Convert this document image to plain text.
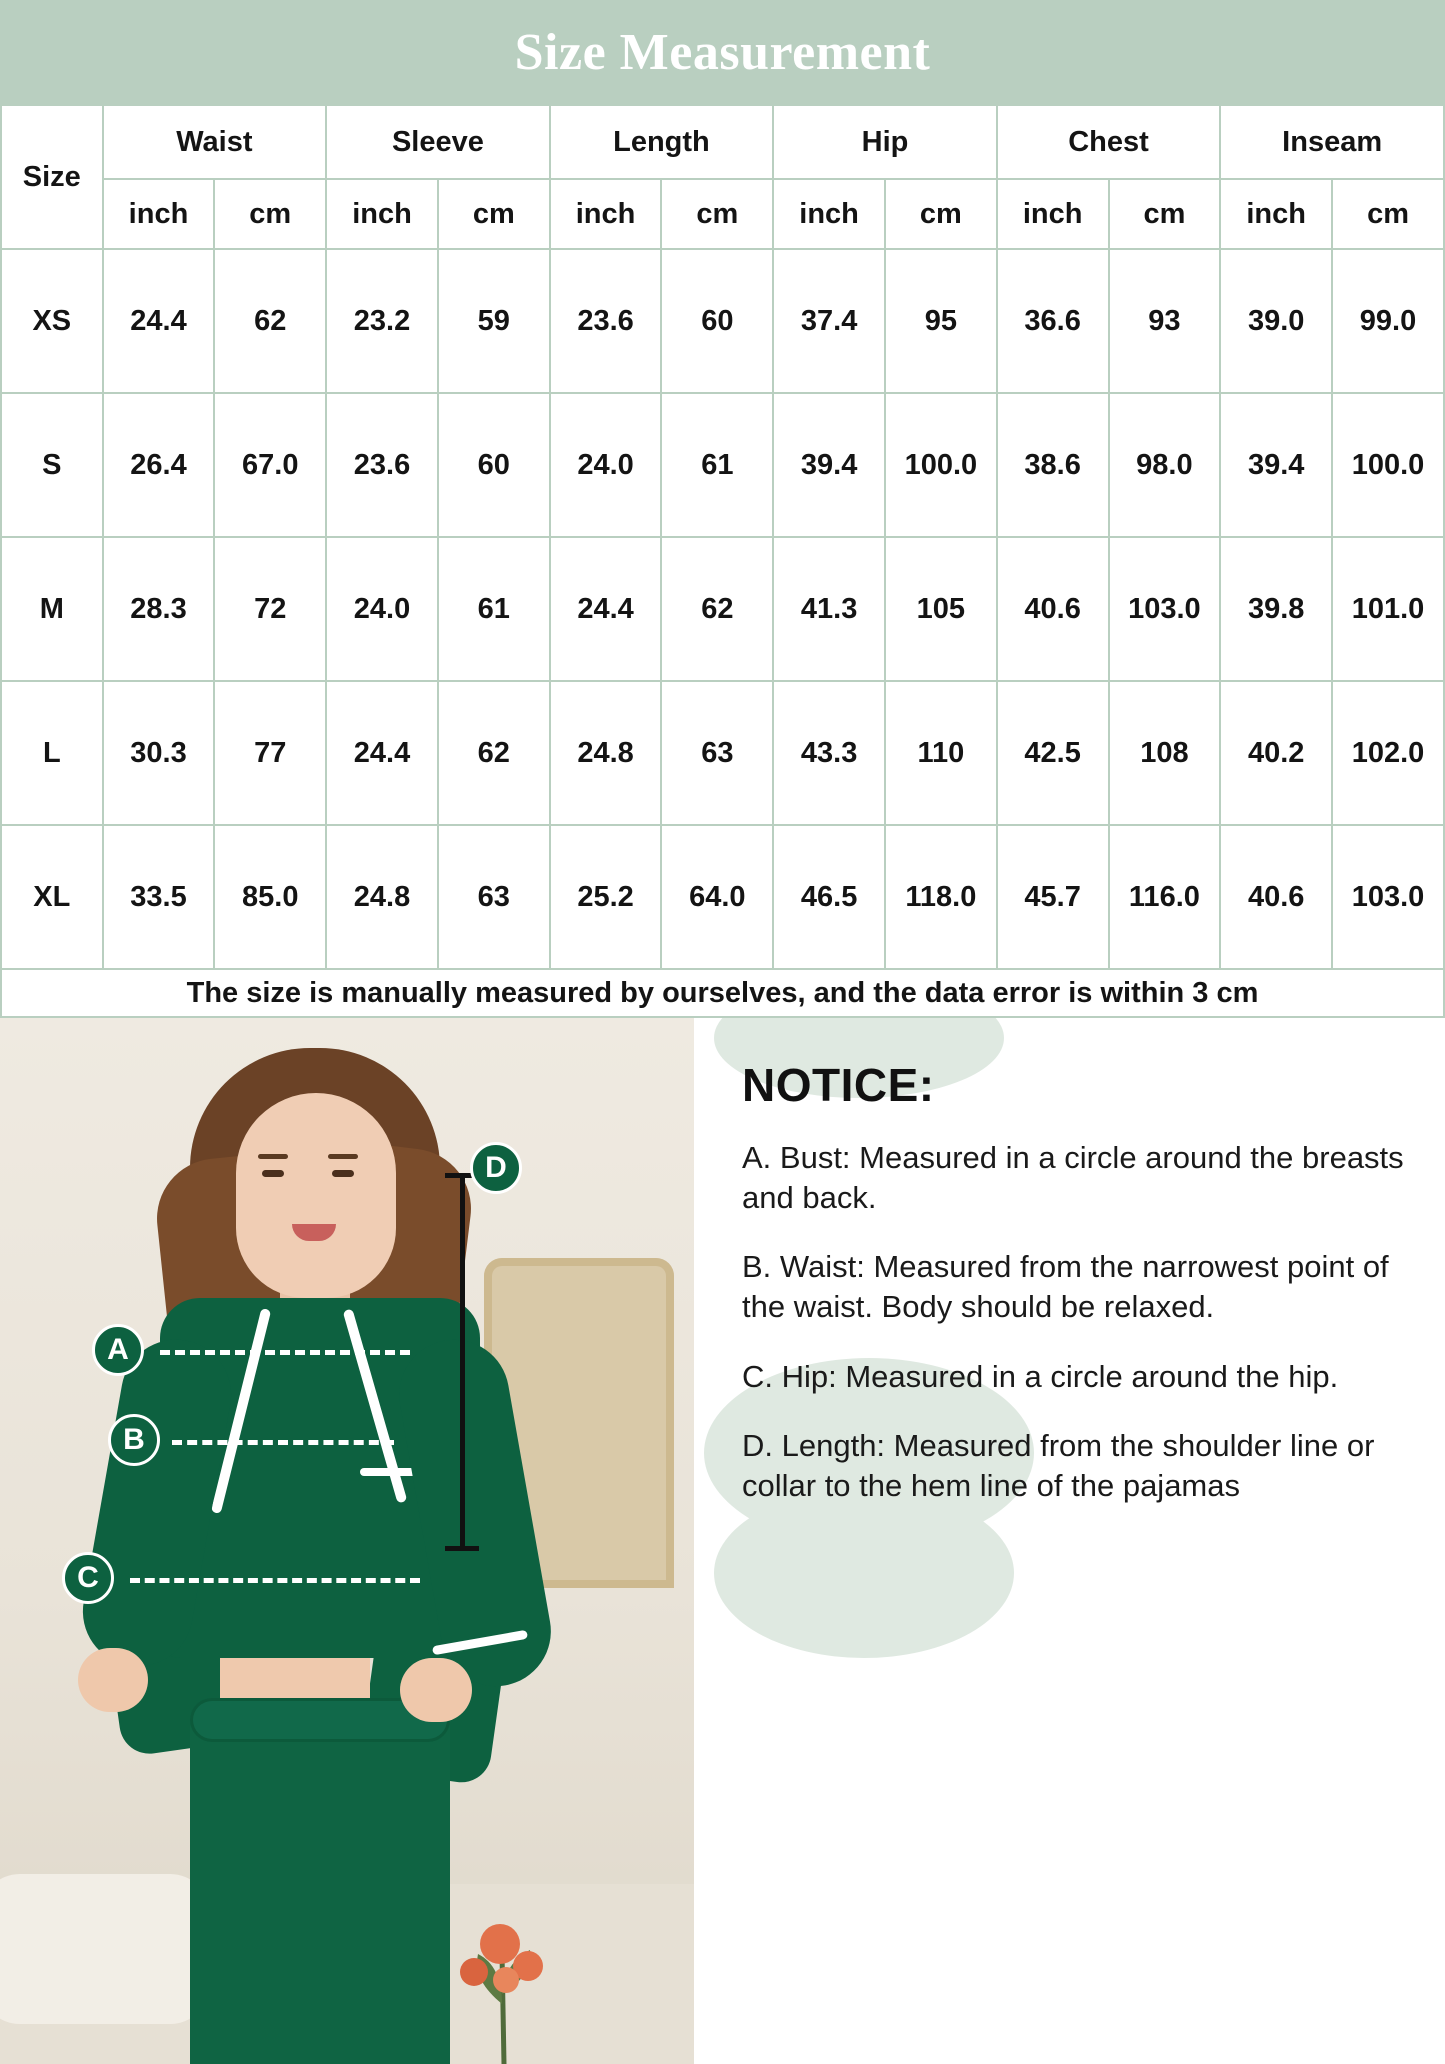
Size Measurement
Size	Waist		Sleeve		Length		Hip		Chest		Inseam	
	inch	cm	inch	cm	inch	cm	inch	cm	inch	cm	inch	cm
XS	24.4	62	23.2	59	23.6	60	37.4	95	36.6	93	39.0	99.0
S	26.4	67.0	23.6	60	24.0	61	39.4	100.0	38.6	98.0	39.4	100.0
M	28.3	72	24.0	61	24.4	62	41.3	105	40.6	103.0	39.8	101.0
L	30.3	77	24.4	62	24.8	63	43.3	110	42.5	108	40.2	102.0
XL	33.5	85.0	24.8	63	25.2	64.0	46.5	118.0	45.7	116.0	40.6	103.0
The size is manually measured by ourselves, and the data error is within 3 cm												
A
B
C
D
NOTICE:
A. Bust: Measured in a circle around the breasts and back.
B. Waist: Measured from the narrowest point of the waist. Body should be relaxed.
C. Hip: Measured in a circle around the hip.
D. Length: Measured from the shoulder line or collar to the hem line of the pajamas
